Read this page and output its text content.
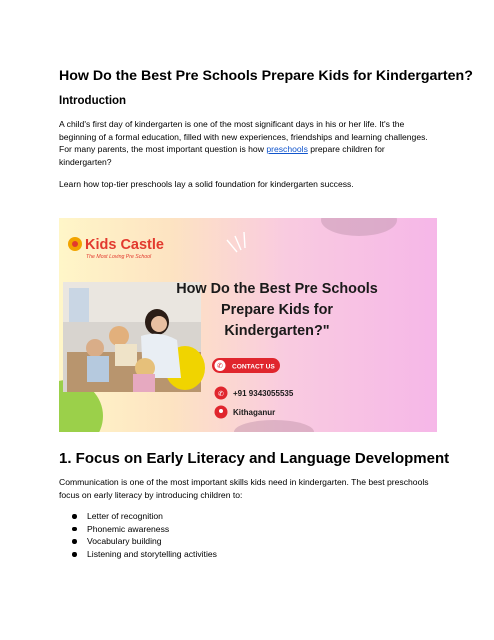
How Do the Best Pre Schools Prepare Kids for Kindergarten?
Introduction
A child's first day of kindergarten is one of the most significant days in his or her life. It's the beginning of a formal education, filled with new experiences, friendships and learning challenges. For many parents, the most important question is how preschools prepare children for kindergarten?
Learn how top-tier preschools lay a solid foundation for kindergarten success.
Kids Castle
The Most Loving Pre School
How Do the Best Pre Schools
Prepare Kids for
Kindergarten?"
✆ CONTACT US
✆ +91 9343055535
Kithaganur
1. Focus on Early Literacy and Language Development
Communication is one of the most important skills kids need in kindergarten. The best preschools focus on early literacy by introducing children to:
Letter of recognition
Phonemic awareness
Vocabulary building
Listening and storytelling activities
